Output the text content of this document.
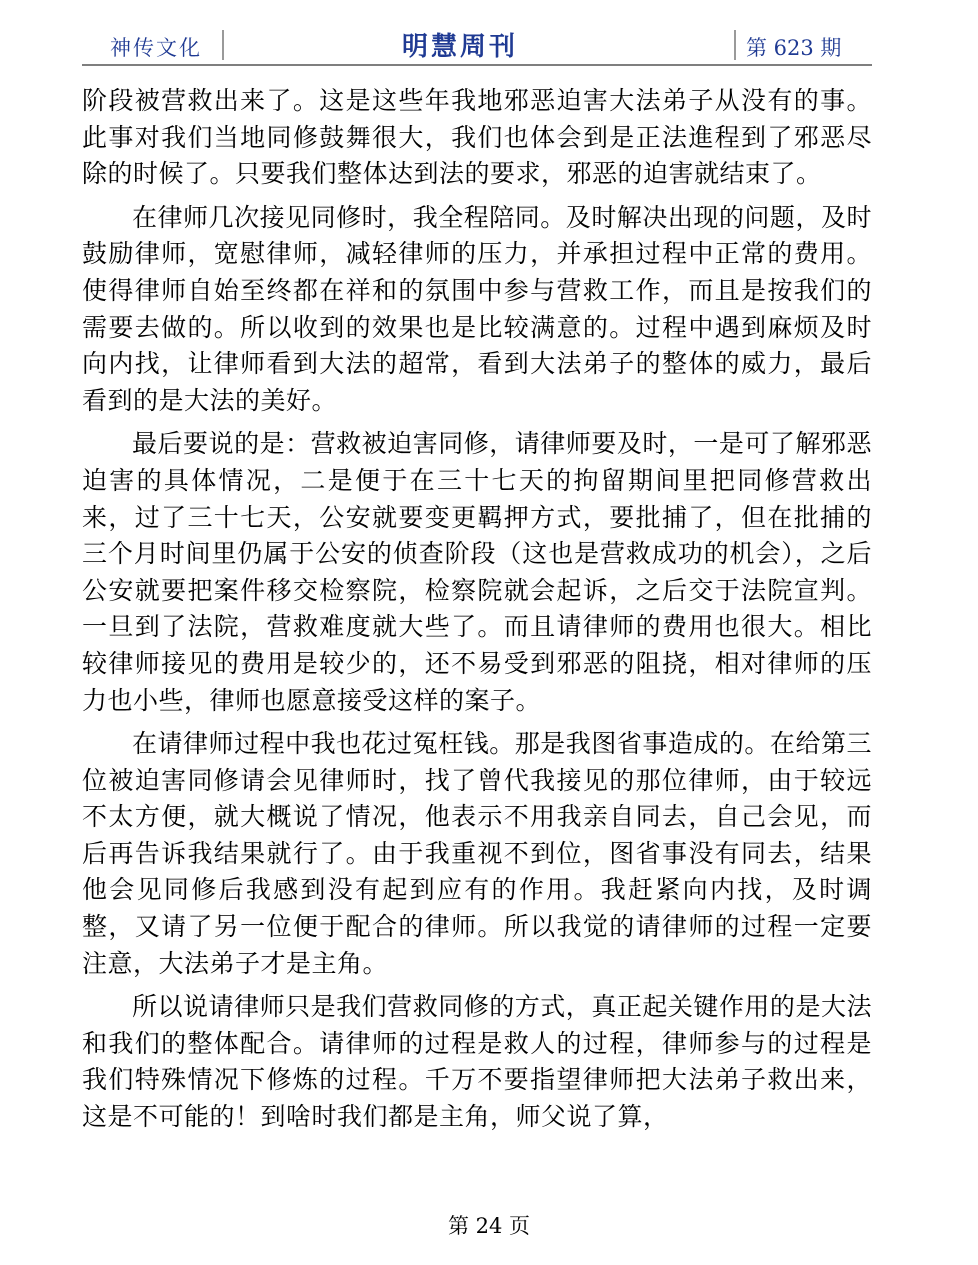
神传文化	明慧周刊	第 623 期

阶段被营救出来了。这是这些年我地邪恶迫害大法弟子从没有的事。此事对我们当地同修鼓舞很大，我们也体会到是正法進程到了邪恶尽除的时候了。只要我们整体达到法的要求，邪恶的迫害就结束了。

在律师几次接见同修时，我全程陪同。及时解决出现的问题，及时鼓励律师，宽慰律师，减轻律师的压力，并承担过程中正常的费用。使得律师自始至终都在祥和的氛围中参与营救工作，而且是按我们的需要去做的。所以收到的效果也是比较满意的。过程中遇到麻烦及时向内找，让律师看到大法的超常，看到大法弟子的整体的威力，最后看到的是大法的美好。

最后要说的是：营救被迫害同修，请律师要及时，一是可了解邪恶迫害的具体情况，二是便于在三十七天的拘留期间里把同修营救出来，过了三十七天，公安就要变更羁押方式，要批捕了，但在批捕的三个月时间里仍属于公安的侦查阶段（这也是营救成功的机会），之后公安就要把案件移交检察院，检察院就会起诉，之后交于法院宣判。一旦到了法院，营救难度就大些了。而且请律师的费用也很大。相比较律师接见的费用是较少的，还不易受到邪恶的阻挠，相对律师的压力也小些，律师也愿意接受这样的案子。

在请律师过程中我也花过冤枉钱。那是我图省事造成的。在给第三位被迫害同修请会见律师时，找了曾代我接见的那位律师，由于较远不太方便，就大概说了情况，他表示不用我亲自同去，自己会见，而后再告诉我结果就行了。由于我重视不到位，图省事没有同去，结果他会见同修后我感到没有起到应有的作用。我赶紧向内找，及时调整，又请了另一位便于配合的律师。所以我觉的请律师的过程一定要注意，大法弟子才是主角。

所以说请律师只是我们营救同修的方式，真正起关键作用的是大法和我们的整体配合。请律师的过程是救人的过程，律师参与的过程是我们特殊情况下修炼的过程。千万不要指望律师把大法弟子救出来，这是不可能的！到啥时我们都是主角，师父说了算，

第 24 页
